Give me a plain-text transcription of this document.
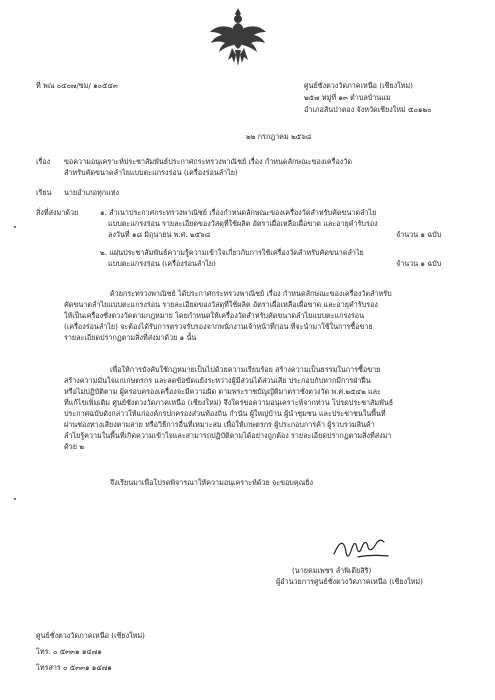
ที่ พณ ๐๔๐๗/ซม/ ๑๐๕๔๓	ศูนย์ชั่งตวงวัดภาคเหนือ (เชียงใหม่)
๒๕๗ หมู่ที่ ๑๓ ตำบลบ้านแม
อำเภอสันป่าตอง จังหวัดเชียงใหม่ ๕๐๑๒๐
๒๒ กรกฎาคม ๒๕๖๘
เรื่อง ขอความอนุเคราะห์ประชาสัมพันธ์ประกาศกระทรวงพาณิชย์ เรื่อง กำหนดลักษณะของเครื่องวัด
สำหรับคัดขนาดลำไยแบบตะแกรงร่อน (เครื่องร่อนลำไย)
เรียน นายอำเภอทุกแห่ง
สิ่งที่ส่งมาด้วย	๑. สำเนาประกาศกระทรวงพาณิชย์ เรื่องกำหนดลักษณะของเครื่องวัดสำหรับคัดขนาดลำไย
แบบตะแกรงร่อน รายละเอียดของวัสดุที่ใช้ผลิต อัตราเผื่อเหลือเผื่อขาด และอายุคำรับรอง
ลงวันที่ ๑๘ มิถุนายน พ.ศ. ๒๕๖๘	จำนวน ๑ ฉบับ
๒. แผ่นประชาสัมพันธ์ความรู้ความเข้าใจเกี่ยวกับการใช้เครื่องวัดสำหรับคัดขนาดลำไย
แบบตะแกรงร่อน (เครื่องร่อนลำไย)	จำนวน ๑ ฉบับ
ด้วยกระทรวงพาณิชย์ ได้ประกาศกระทรวงพาณิชย์ เรื่อง กำหนดลักษณะของเครื่องวัดสำหรับ
คัดขนาดลำไยแบบตะแกรงร่อน รายละเอียดของวัสดุที่ใช้ผลิต อัตราเผื่อเหลือเผื่อขาด และอายุคำรับรอง
ให้เป็นเครื่องชั่งตวงวัดตามกฎหมาย โดยกำหนดให้เครื่องวัดสำหรับคัดขนาดลำไยแบบตะแกรงร่อน
(เครื่องร่อนลำไย) จะต้องได้รับการตรวจรับรองจากพนักงานเจ้าหน้าที่ก่อน ที่จะนำมาใช้ในการซื้อขาย
รายละเอียดปรากฏตามสิ่งที่ส่งมาด้วย ๑ นั้น
เพื่อให้การบังคับใช้กฎหมายเป็นไปด้วยความเรียบร้อย สร้างความเป็นธรรมในการซื้อขาย
สร้างความมั่นใจแก่เกษตรกร และลดข้อขัดแย้งระหว่างผู้มีส่วนได้ส่วนเสีย ประกอบกับหากมีการฝ่าฝืน
หรือไม่ปฏิบัติตาม ผู้ครอบครองเครื่องจะมีความผิด ตามพระราชบัญญัติมาตราชั่งตวงวัด พ.ศ.๒๕๔๒ และ
ที่แก้ไขเพิ่มเติม ศูนย์ชั่งตวงวัดภาคเหนือ (เชียงใหม่) จึงใคร่ขอความอนุเคราะห์จากท่าน โปรดประชาสัมพันธ์
ประกาศฉบับดังกล่าวให้แก่องค์กรปกครองส่วนท้องถิ่น กำนัน ผู้ใหญ่บ้าน ผู้นำชุมชน และประชาชนในพื้นที่
ผ่านช่องทางเสียงตามสาย หรือวิธีการอื่นที่เหมาะสม เพื่อให้เกษตรกร ผู้ประกอบการค้า ผู้รวบรวมสินค้า
ลำไยรู้ความในพื้นที่เกิดความเข้าใจและสามารถปฏิบัติตามได้อย่างถูกต้อง รายละเอียดปรากฏตามสิ่งที่ส่งมา
ด้วย ๒
จึงเรียนมาเพื่อโปรดพิจารณาให้ความอนุเคราะห์ด้วย จะขอบคุณยิ่ง
(นายคมเพชร ลำพิเดียสิริ)
ผู้อำนวยการศูนย์ชั่งตวงวัดภาคเหนือ (เชียงใหม่)
ศูนย์ชั่งตวงวัดภาคเหนือ (เชียงใหม่)
โทร. ๐ ๕๓๓๑ ๑๔๗๑
โทรสาร ๐ ๕๓๓๑ ๑๔๗๑
